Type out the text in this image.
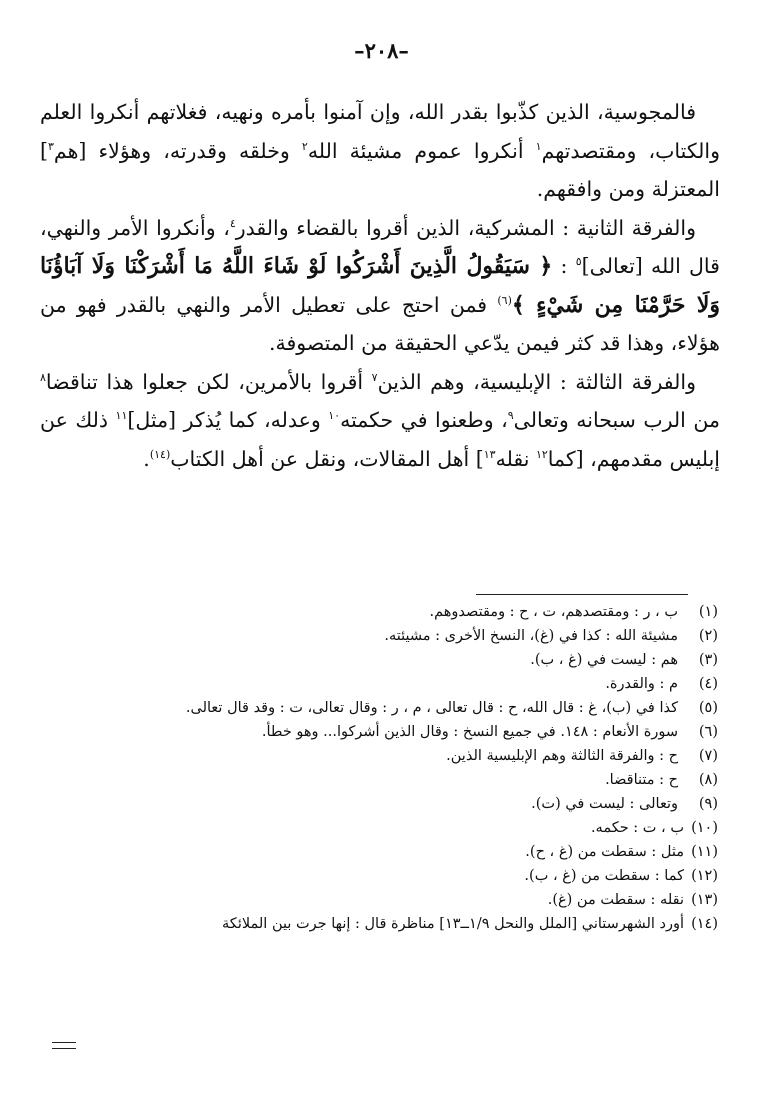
–٢٠٨–

فالمجوسية، الذين كذّبوا بقدر الله، وإن آمنوا بأمره ونهيه، فغلاتهم أنكروا العلم والكتاب، ومقتصدتهم$^١$ أنكروا عموم مشيئة الله$^٢$ وخلقه وقدرته، وهؤلاء [هم$^٣$] المعتزلة ومن وافقهم.

والفرقة الثانية : المشركية، الذين أقروا بالقضاء والقدر$^٤$، وأنكروا الأمر والنهي، قال الله [تعالى]$^٥$ : ﴿ سَيَقُولُ الَّذِينَ أَشْرَكُوا لَوْ شَاءَ اللَّهُ مَا أَشْرَكْنَا وَلَا آبَاؤُنَا وَلَا حَرَّمْنَا مِن شَيْءٍ ﴾$^{(٦)}$ فمن احتج على تعطيل الأمر والنهي بالقدر فهو من هؤلاء، وهذا قد كثر فيمن يدّعي الحقيقة من المتصوفة.

والفرقة الثالثة : الإبليسية، وهم الذين$^٧$ أقروا بالأمرين، لكن جعلوا هذا تناقضا$^٨$ من الرب سبحانه وتعالى$^٩$، وطعنوا في حكمته$^{١٠}$ وعدله، كما يُذكر [مثل]$^{١١}$ ذلك عن إبليس مقدمهم، [كما$^{١٢}$ نقله$^{١٣}$] أهل المقالات، ونقل عن أهل الكتاب$^{(١٤)}$.

(١)
ب ، ر : ومقتصدهم، ت ، ح : ومقتصدوهم.
(٢)
مشيئة الله : كذا في (غ)، النسخ الأخرى : مشيئته.
(٣)
هم : ليست في (غ ، ب).
(٤)
م : والقدرة.
(٥)
كذا في (ب)، غ : قال الله، ح : قال تعالى ، م ، ر : وقال تعالى، ت : وقد قال تعالى.
(٦)
سورة الأنعام : ١٤٨. في جميع النسخ : وقال الذين أشركوا... وهو خطأ.
(٧)
ح : والفرقة الثالثة وهم الإبليسية الذين.
(٨)
ح : متناقضا.
(٩)
وتعالى : ليست في (ت).
(١٠)
ب ، ت : حكمه.
(١١)
مثل : سقطت من (غ ، ح).
(١٢)
كما : سقطت من (غ ، ب).
(١٣)
نقله : سقطت من (غ).
(١٤)
أورد الشهرستاني [الملل والنحل ١/٩ــ١٣] مناظرة قال : إنها جرت بين الملائكة
